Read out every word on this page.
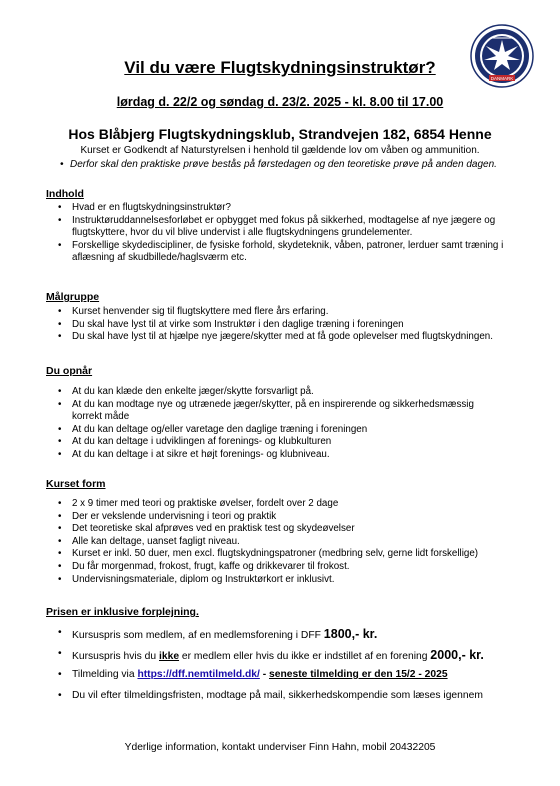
DANMARK
Vil du være Flugtskydningsinstruktør?
lørdag d. 22/2 og søndag d. 23/2. 2025 - kl. 8.00 til 17.00
Hos Blåbjerg Flugtskydningsklub, Strandvejen 182, 6854 Henne
Kurset er Godkendt af Naturstyrelsen i henhold til gældende lov om våben og ammunition.
• Derfor skal den praktiske prøve bestås på førstedagen og den teoretiske prøve på anden dagen.
Indhold
• Hvad er en flugtskydningsinstruktør?
• Instruktøruddannelsesforløbet er opbygget med fokus på sikkerhed, modtagelse af nye jægere og flugtskyttere, hvor du vil blive undervist i alle flugtskydningens grundelementer.
• Forskellige skydediscipliner, de fysiske forhold, skydeteknik, våben, patroner, lerduer samt træning i aflæsning af skudbillede/haglsværm etc.
Målgruppe
• Kurset henvender sig til flugtskyttere med flere års erfaring.
• Du skal have lyst til at virke som Instruktør i den daglige træning i foreningen
• Du skal have lyst til at hjælpe nye jægere/skytter med at få gode oplevelser med flugtskydningen.
Du opnår
• At du kan klæde den enkelte jæger/skytte forsvarligt på.
• At du kan modtage nye og utrænede jæger/skytter, på en inspirerende og sikkerhedsmæssig korrekt måde
• At du kan deltage og/eller varetage den daglige træning i foreningen
• At du kan deltage i udviklingen af forenings- og klubkulturen
• At du kan deltage i at sikre et højt forenings- og klubniveau.
Kurset form
• 2 x 9 timer med teori og praktiske øvelser, fordelt over 2 dage
• Der er vekslende undervisning i teori og praktik
• Det teoretiske skal afprøves ved en praktisk test og skydeøvelser
• Alle kan deltage, uanset fagligt niveau.
• Kurset er inkl. 50 duer, men excl. flugtskydningspatroner (medbring selv, gerne lidt forskellige)
• Du får morgenmad, frokost, frugt, kaffe og drikkevarer til frokost.
• Undervisningsmateriale, diplom og Instruktørkort er inklusivt.
Prisen er inklusive forplejning.
• Kursuspris som medlem, af en medlemsforening i DFF 1800,- kr.
• Kursuspris hvis du ikke er medlem eller hvis du ikke er indstillet af en forening 2000,- kr.
• Tilmelding via https://dff.nemtilmeld.dk/ - seneste tilmelding er den 15/2 - 2025
• Du vil efter tilmeldingsfristen, modtage på mail, sikkerhedskompendie som læses igennem
Yderlige information, kontakt underviser Finn Hahn, mobil 20432205
